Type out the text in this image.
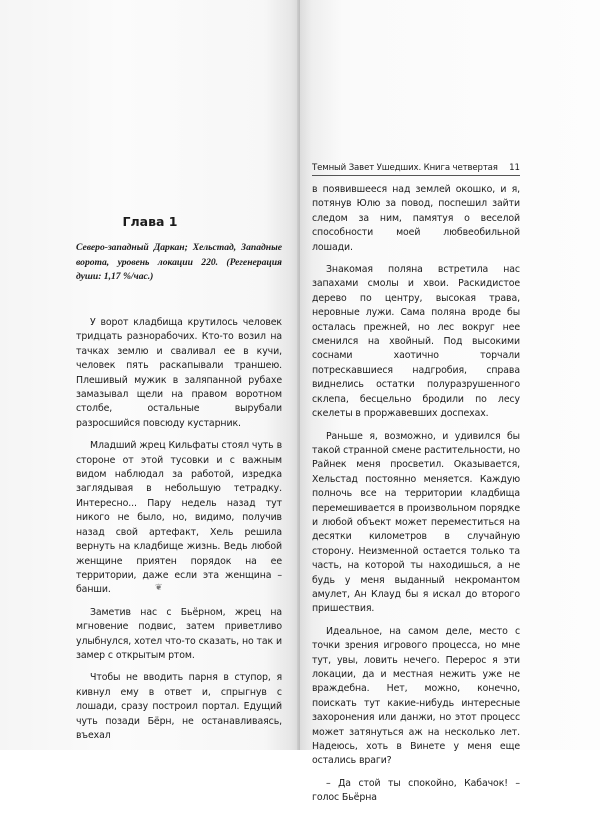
Глава 1

Северо-западный Даркан; Хельстад, Западные ворота, уровень локации 220. (Регенерация души: 1,17 %/час.)

У ворот кладбища крутилось человек тридцать разнорабочих. Кто-то возил на тачках землю и сваливал ее в кучи, человек пять раскапывали траншею. Плешивый мужик в заляпанной рубахе замазывал щели на правом воротном столбе, остальные вырубали разросшийся повсюду кустарник.

Младший жрец Кильфаты стоял чуть в стороне от этой тусовки и с важным видом наблюдал за работой, изредка заглядывая в небольшую тетрадку. Интересно... Пару недель назад тут никого не было, но, видимо, получив назад свой артефакт, Хель решила вернуть на кладбище жизнь. Ведь любой женщине приятен порядок на ее территории, даже если эта женщина – банши.

Заметив нас с Бьёрном, жрец на мгновение подвис, затем приветливо улыбнулся, хотел что-то сказать, но так и замер с открытым ртом.

Чтобы не вводить парня в ступор, я кивнул ему в ответ и, спрыгнув с лошади, сразу построил портал. Едущий чуть позади Бёрн, не останавливаясь, въехал

❦
Темный Завет Ушедших. Книга четвертая 11

в появившееся над землей окошко, и я, потянув Юлю за повод, поспешил зайти следом за ним, памятуя о веселой способности моей любвеобильной лошади.

Знакомая поляна встретила нас запахами смолы и хвои. Раскидистое дерево по центру, высокая трава, неровные лужи. Сама поляна вроде бы осталась прежней, но лес вокруг нее сменился на хвойный. Под высокими соснами хаотично торчали потрескавшиеся надгробия, справа виднелись остатки полуразрушенного склепа, бесцельно бродили по лесу скелеты в проржавевших доспехах.

Раньше я, возможно, и удивился бы такой странной смене растительности, но Райнек меня просветил. Оказывается, Хельстад постоянно меняется. Каждую полночь все на территории кладбища перемешивается в произвольном порядке и любой объект может переместиться на десятки километров в случайную сторону. Неизменной остается только та часть, на которой ты находишься, а не будь у меня выданный некромантом амулет, Ан Клауд бы я искал до второго пришествия.

Идеальное, на самом деле, место с точки зрения игрового процесса, но мне тут, увы, ловить нечего. Перерос я эти локации, да и местная нежить уже не враждебна. Нет, можно, конечно, поискать тут какие-нибудь интересные захоронения или данжи, но этот процесс может затянуться аж на несколько лет. Надеюсь, хоть в Винете у меня еще остались враги?

– Да стой ты спокойно, Кабачок! – голос Бьёрна
